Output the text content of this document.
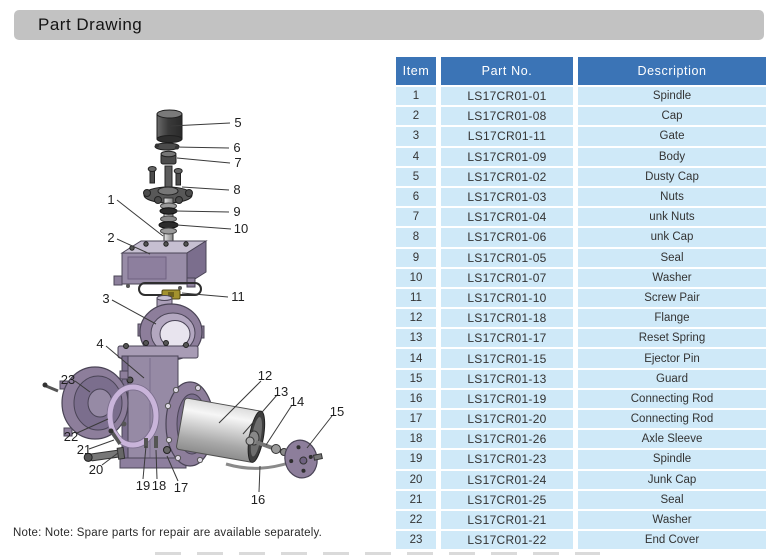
Part Drawing
1
2
3
4
5
6
7
8
9
10
11
12
13
14
15
16
17
18
19
20
21
22
23
Item	Part No.	Description
1	LS17CR01-01	Spindle
2	LS17CR01-08	Cap
3	LS17CR01-11	Gate
4	LS17CR01-09	Body
5	LS17CR01-02	Dusty Cap
6	LS17CR01-03	Nuts
7	LS17CR01-04	unk Nuts
8	LS17CR01-06	unk Cap
9	LS17CR01-05	Seal
10	LS17CR01-07	Washer
11	LS17CR01-10	Screw Pair
12	LS17CR01-18	Flange
13	LS17CR01-17	Reset Spring
14	LS17CR01-15	Ejector Pin
15	LS17CR01-13	Guard
16	LS17CR01-19	Connecting Rod
17	LS17CR01-20	Connecting Rod
18	LS17CR01-26	Axle Sleeve
19	LS17CR01-23	Spindle
20	LS17CR01-24	Junk Cap
21	LS17CR01-25	Seal
22	LS17CR01-21	Washer
23	LS17CR01-22	End Cover
Note: Note: Spare parts for repair are available separately.
